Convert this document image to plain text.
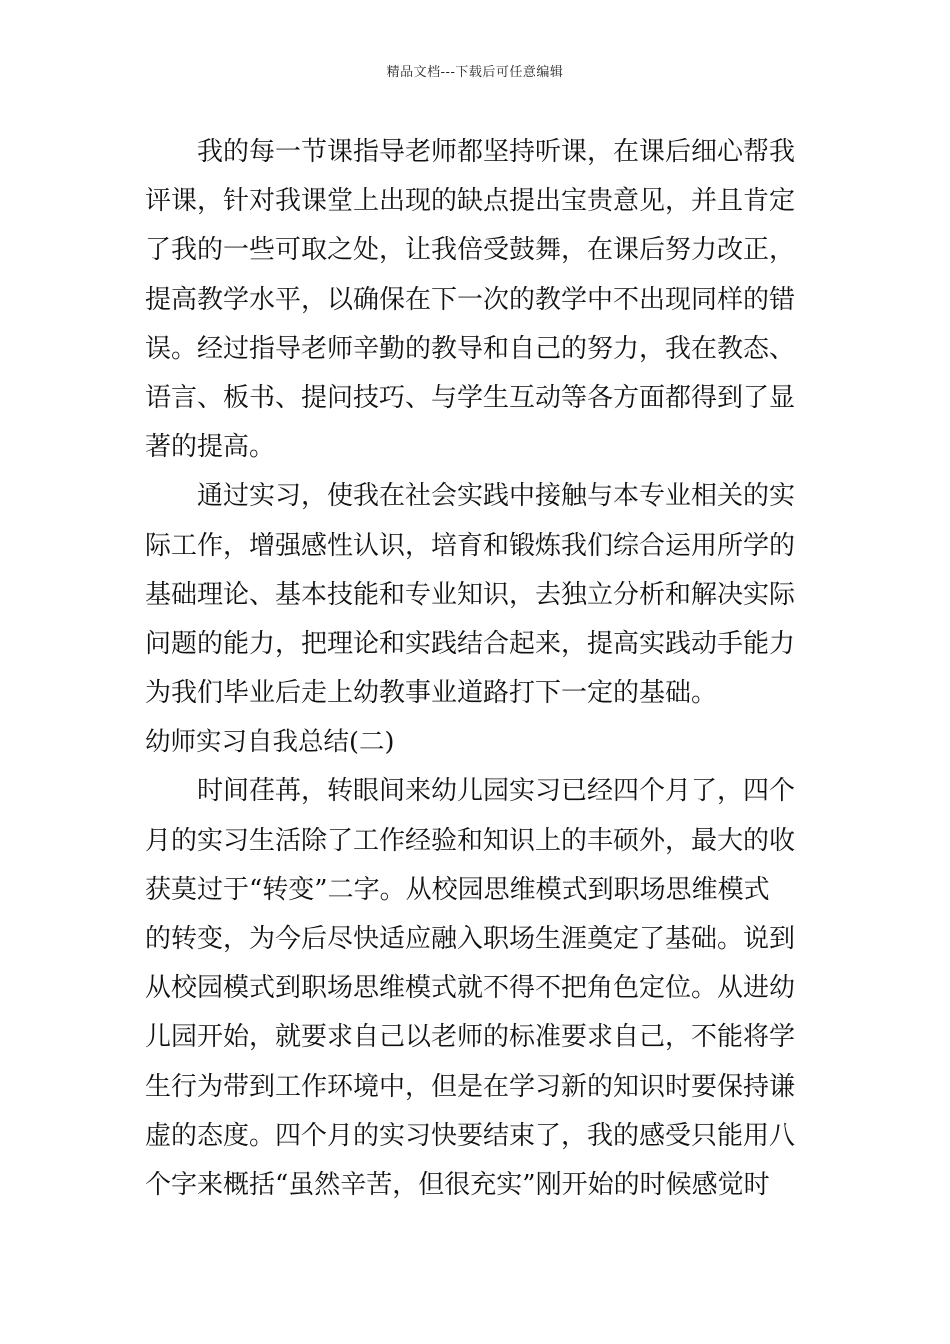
精品文档---下载后可任意编辑
我的每一节课指导老师都坚持听课，在课后细心帮我
评课，针对我课堂上出现的缺点提出宝贵意见，并且肯定
了我的一些可取之处，让我倍受鼓舞，在课后努力改正，
提高教学水平，以确保在下一次的教学中不出现同样的错
误。经过指导老师辛勤的教导和自己的努力，我在教态、
语言、板书、提问技巧、与学生互动等各方面都得到了显
著的提高。
通过实习，使我在社会实践中接触与本专业相关的实
际工作，增强感性认识，培育和锻炼我们综合运用所学的
基础理论、基本技能和专业知识，去独立分析和解决实际
问题的能力，把理论和实践结合起来，提高实践动手能力
为我们毕业后走上幼教事业道路打下一定的基础。
幼师实习自我总结(二)
时间荏苒，转眼间来幼儿园实习已经四个月了，四个
月的实习生活除了工作经验和知识上的丰硕外，最大的收
获莫过于“转变”二字。从校园思维模式到职场思维模式
的转变，为今后尽快适应融入职场生涯奠定了基础。说到
从校园模式到职场思维模式就不得不把角色定位。从进幼
儿园开始，就要求自己以老师的标准要求自己，不能将学
生行为带到工作环境中，但是在学习新的知识时要保持谦
虚的态度。四个月的实习快要结束了，我的感受只能用八
个字来概括“虽然辛苦，但很充实”刚开始的时候感觉时
